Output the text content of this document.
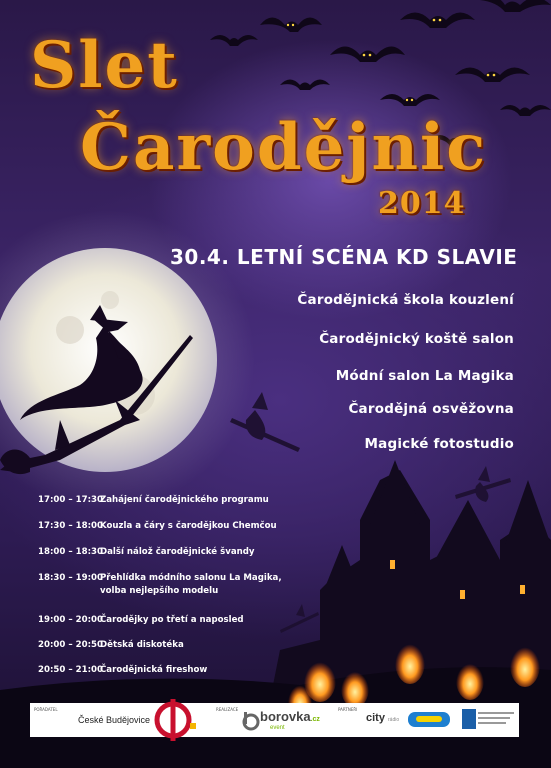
Slet
Čarodějnic
2014
30.4. LETNÍ SCÉNA KD SLAVIE
Čarodějnická škola kouzlení
Čarodějnický koště salon
Módní salon La Magika
Čarodějná osvěžovna
Magické fotostudio
17:00 – 17:30Zahájení čarodějnického programu
17:30 – 18:00Kouzla a čáry s čarodějkou Chemčou
18:00 – 18:30Další nálož čarodějnické švandy
18:30 – 19:00Přehlídka módního salonu La Magika,
volba nejlepšího modelu
19:00 – 20:00Čarodějky po třetí a naposled
20:00 – 20:50Dětská diskotéka
20:50 – 21:00Čarodějnická fireshow
POŘADATEL
České Budějovice
REALIZACE borovka.cz
event
PARTNEŘI
city rádio
